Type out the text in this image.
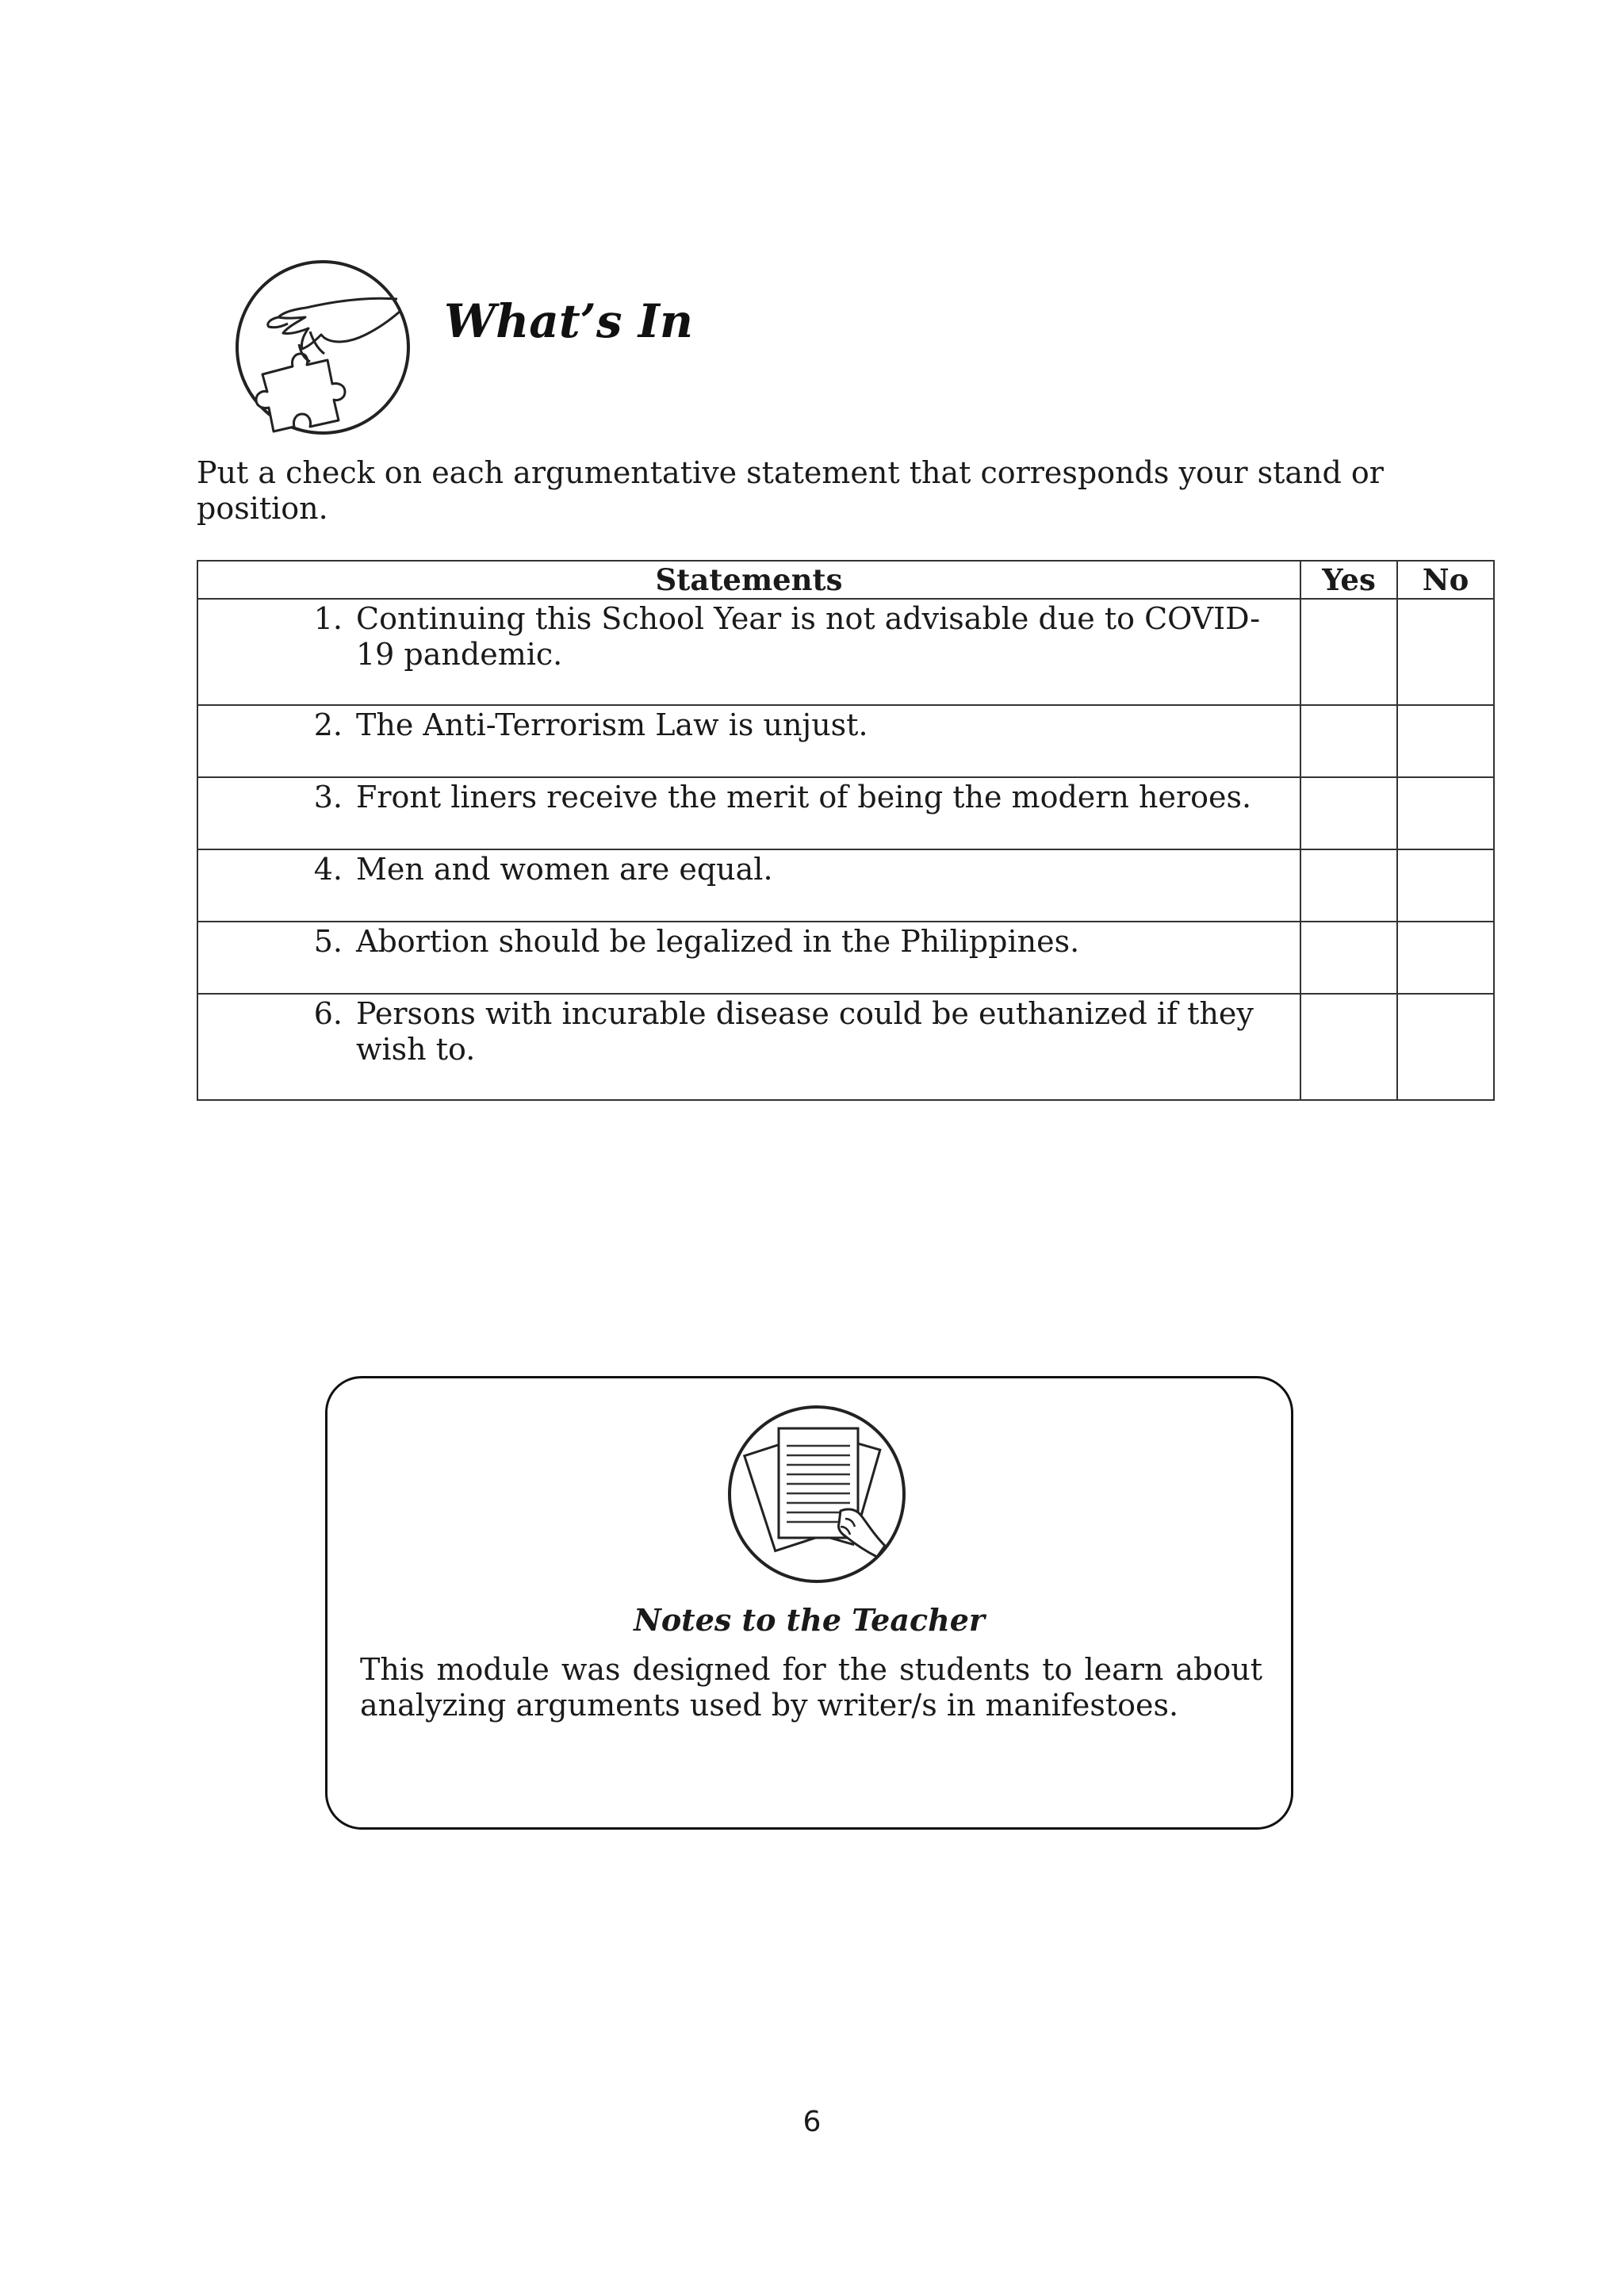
What’s In

Put a check on each argumentative statement that corresponds your stand or position.

Statements	Yes	No

1. Continuing this School Year is not advisable due to COVID- 19 pandemic.		

2. The Anti-Terrorism Law is unjust.		

3. Front liners receive the merit of being the modern heroes.		

4. Men and women are equal.		

5. Abortion should be legalized in the Philippines.		

6. Persons with incurable disease could be euthanized if they wish to.		

Notes to the Teacher

This module was designed for the students to learn about analyzing arguments used by writer/s in manifestoes.

6
